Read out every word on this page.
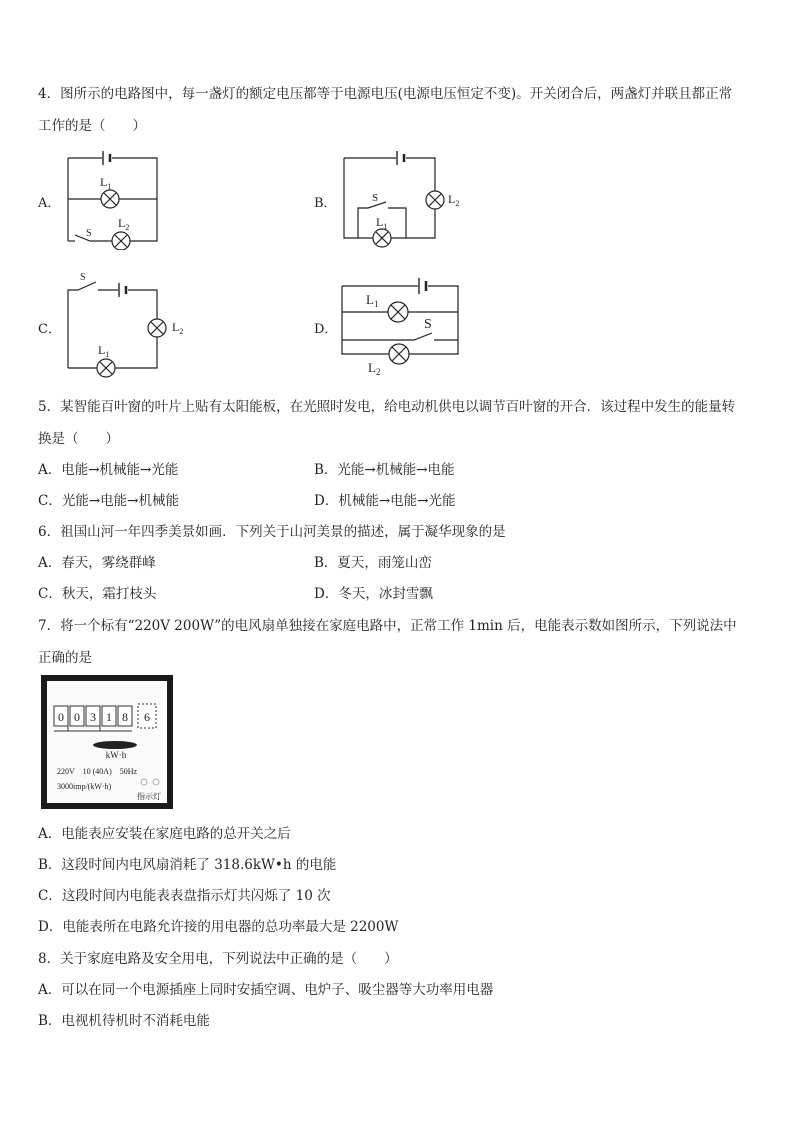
4．图所示的电路图中，每一盏灯的额定电压都等于电源电压(电源电压恒定不变)。开关闭合后，两盏灯并联且都正常
工作的是（　　）
A．	B．
C．	D．
$L_1$
$L_2$
S
S
$L_1$
$L_2$
S
$L_2$
$L_1$
$L_1$
S
$L_2$
5．某智能百叶窗的叶片上贴有太阳能板，在光照时发电，给电动机供电以调节百叶窗的开合．该过程中发生的能量转
换是（　　）
A．电能→机械能→光能	B．光能→机械能→电能
C．光能→电能→机械能	D．机械能→电能→光能
6．祖国山河一年四季美景如画．下列关于山河美景的描述，属于凝华现象的是
A．春天，雾绕群峰	B．夏天，雨笼山峦
C．秋天，霜打枝头	D．冬天，冰封雪飘
7．将一个标有“220V 200W”的电风扇单独接在家庭电路中，正常工作 1min 后，电能表示数如图所示，下列说法中
正确的是
0 0 3 1 8 6
kW·h
220V　10 (40A)　50Hz
3000imp/(kW·h)
指示灯
A．电能表应安装在家庭电路的总开关之后
B．这段时间内电风扇消耗了 318.6kW•h 的电能
C．这段时间内电能表表盘指示灯共闪烁了 10 次
D．电能表所在电路允许接的用电器的总功率最大是 2200W
8．关于家庭电路及安全用电，下列说法中正确的是（　　）
A．可以在同一个电源插座上同时安插空调、电炉子、吸尘器等大功率用电器
B．电视机待机时不消耗电能
